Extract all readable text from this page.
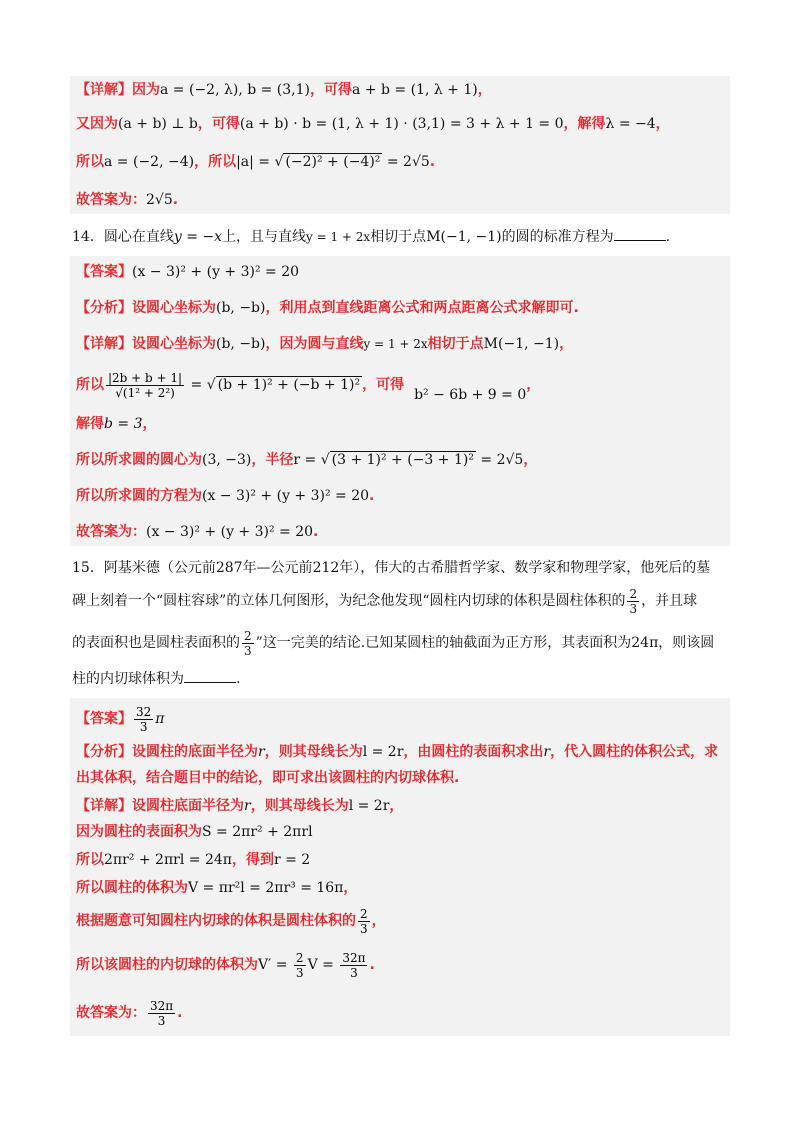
【详解】因为a = (−2, λ), b = (3,1)，可得a + b = (1, λ + 1)，
又因为(a + b) ⊥ b，可得(a + b) · b = (1, λ + 1) · (3,1) = 3 + λ + 1 = 0，解得λ = −4，
所以a = (−2, −4)，所以|a| = √ (−2)² + (−4)² = 2√5.
故答案为：2√5.
14．圆心在直线y = −x上，且与直线y = 1 + 2x相切于点M(−1, −1)的圆的标准方程为	.
【答案】(x − 3)² + (y + 3)² = 20
【分析】设圆心坐标为(b, −b)，利用点到直线距离公式和两点距离公式求解即可.
【详解】设圆心坐标为(b, −b)，因为圆与直线y = 1 + 2x相切于点M(−1, −1)，
所以 $\frac{|2b + b + 1|}{\text{√(1² + 2²)}}$ = √ (b + 1)² + (−b + 1)² ，可得b² − 6b + 9 = 0，
解得b = 3，
所以所求圆的圆心为(3, −3)，半径r = √ (3 + 1)² + (−3 + 1)² = 2√5，
所以所求圆的方程为(x − 3)² + (y + 3)² = 20.
故答案为：(x − 3)² + (y + 3)² = 20.
15．阿基米德（公元前287年—公元前212年），伟大的古希腊哲学家、数学家和物理学家，他死后的墓
碑上刻着一个“圆柱容球”的立体几何图形，为纪念他发现“圆柱内切球的体积是圆柱体积的 $\frac{2}{3}$ ，并且球
的表面积也是圆柱表面积的 $\frac{2}{3}$ ”这一完美的结论.已知某圆柱的轴截面为正方形，其表面积为24π，则该圆
柱的内切球体积为	.
【答案】 $\frac{32}{3}$ π
【分析】设圆柱的底面半径为r，则其母线长为l = 2r，由圆柱的表面积求出r，代入圆柱的体积公式，求
出其体积，结合题目中的结论，即可求出该圆柱的内切球体积.
【详解】设圆柱底面半径为r，则其母线长为l = 2r，
因为圆柱的表面积为S = 2πr² + 2πrl
所以2πr² + 2πrl = 24π，得到r = 2
所以圆柱的体积为V = πr²l = 2πr³ = 16π，
根据题意可知圆柱内切球的体积是圆柱体积的 $\frac{2}{3}$ ，
所以该圆柱的内切球的体积为$V' = \frac{2}{3}$ $V = \frac{32\pi}{3}$ .
故答案为： $\frac{32\pi}{3}$ .
